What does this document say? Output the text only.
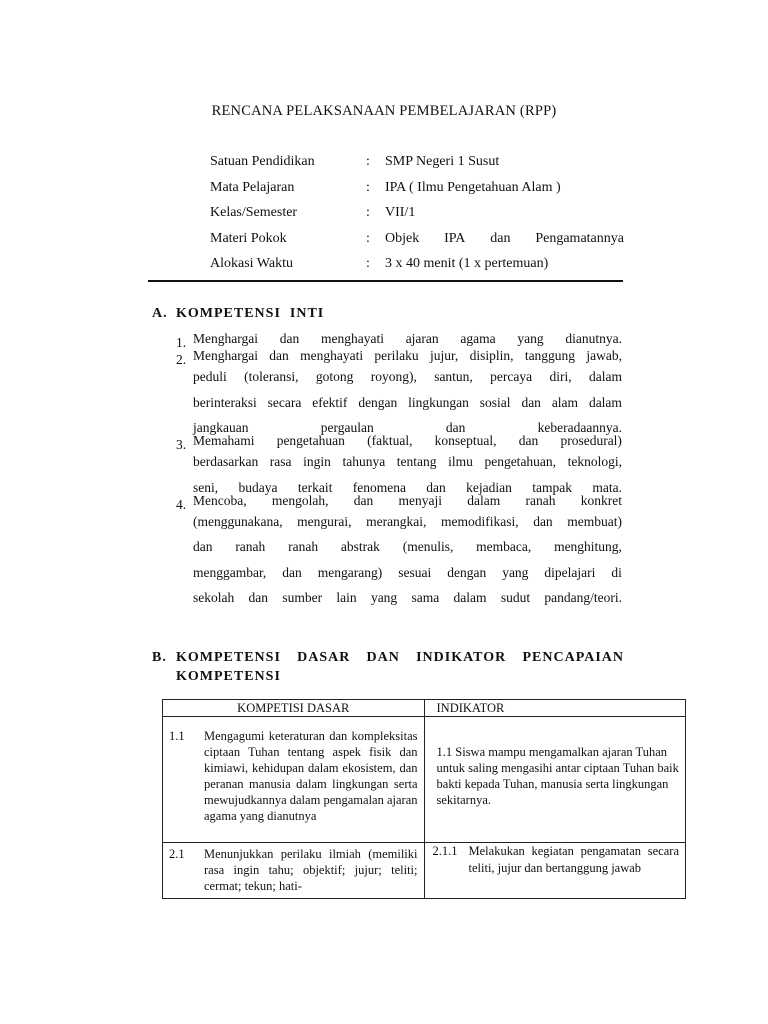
RENCANA PELAKSANAAN PEMBELAJARAN (RPP)
Satuan Pendidikan	: SMP Negeri 1 Susut
Mata Pelajaran	: IPA ( Ilmu Pengetahuan Alam )
Kelas/Semester	: VII/1
Materi Pokok	: Objek IPA dan Pengamatannya
Alokasi Waktu	: 3 x 40 menit (1 x pertemuan)
A. KOMPETENSI  INTI
1. Menghargai dan menghayati ajaran agama yang dianutnya.
2. Menghargai dan menghayati perilaku jujur, disiplin, tanggung jawab,
peduli (toleransi, gotong royong), santun, percaya diri, dalam
berinteraksi secara efektif dengan lingkungan sosial dan alam dalam
jangkauan pergaulan dan keberadaannya.
3. Memahami pengetahuan (faktual, konseptual, dan prosedural)
berdasarkan rasa ingin tahunya tentang ilmu pengetahuan, teknologi,
seni, budaya terkait fenomena dan kejadian tampak mata.
4. Mencoba, mengolah, dan menyaji dalam ranah konkret
(menggunakana, mengurai, merangkai, memodifikasi, dan membuat)
dan ranah ranah abstrak (menulis, membaca, menghitung,
menggambar, dan mengarang) sesuai dengan yang dipelajari di
sekolah dan sumber lain yang sama dalam sudut pandang/teori.
B. KOMPETENSI DASAR DAN INDIKATOR PENCAPAIAN
KOMPETENSI
KOMPETISI DASAR	INDIKATOR

1.1 Mengagumi keteraturan dan kompleksitas ciptaan Tuhan tentang aspek fisik dan kimiawi, kehidupan dalam ekosistem, dan peranan manusia dalam lingkungan serta mewujudkannya dalam pengamalan ajaran agama yang dianutnya	1.1 Siswa mampu mengamalkan ajaran Tuhan untuk saling mengasihi antar ciptaan Tuhan baik bakti kepada Tuhan, manusia serta lingkungan sekitarnya.

2.1 Menunjukkan perilaku ilmiah (memiliki rasa ingin tahu; objektif; jujur; teliti; cermat; tekun; hati-	2.1.1 Melakukan kegiatan pengamatan secara teliti, jujur dan bertanggung jawab
